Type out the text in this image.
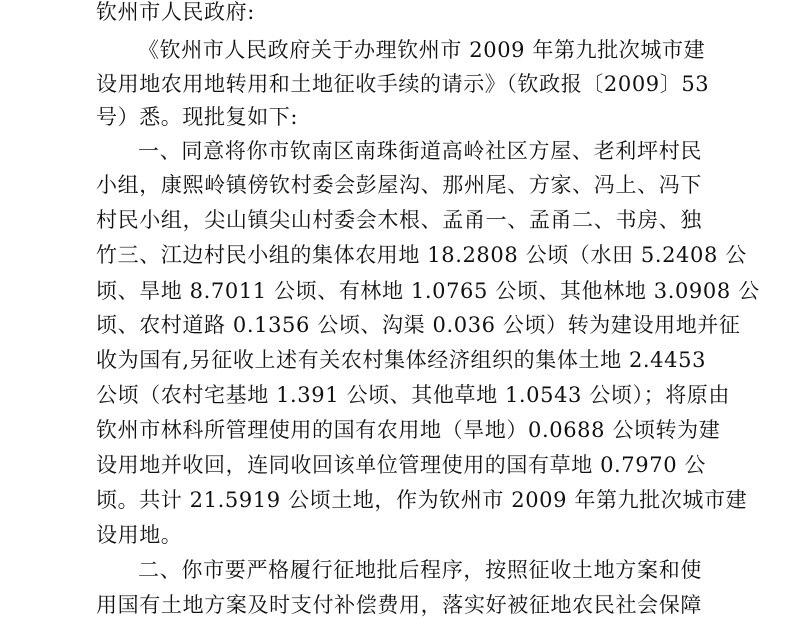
钦州市人民政府:
《钦州市人民政府关于办理钦州市 2009 年第九批次城市建
设用地农用地转用和土地征收手续的请示》（钦政报〔2009〕53
号）悉。现批复如下:
一、同意将你市钦南区南珠街道高岭社区方屋、老利坪村民
小组，康熙岭镇傍钦村委会彭屋沟、那州尾、方家、冯上、冯下
村民小组，尖山镇尖山村委会木根、孟甬一、孟甬二、书房、独
竹三、江边村民小组的集体农用地 18.2808 公顷（水田 5.2408 公
顷、旱地 8.7011 公顷、有林地 1.0765 公顷、其他林地 3.0908 公
顷、农村道路 0.1356 公顷、沟渠 0.036 公顷）转为建设用地并征
收为国有,另征收上述有关农村集体经济组织的集体土地 2.4453
公顷（农村宅基地 1.391 公顷、其他草地 1.0543 公顷）；将原由
钦州市林科所管理使用的国有农用地（旱地）0.0688 公顷转为建
设用地并收回，连同收回该单位管理使用的国有草地 0.7970 公
顷。共计 21.5919 公顷土地，作为钦州市 2009 年第九批次城市建
设用地。
二、你市要严格履行征地批后程序，按照征收土地方案和使
用国有土地方案及时支付补偿费用，落实好被征地农民社会保障
